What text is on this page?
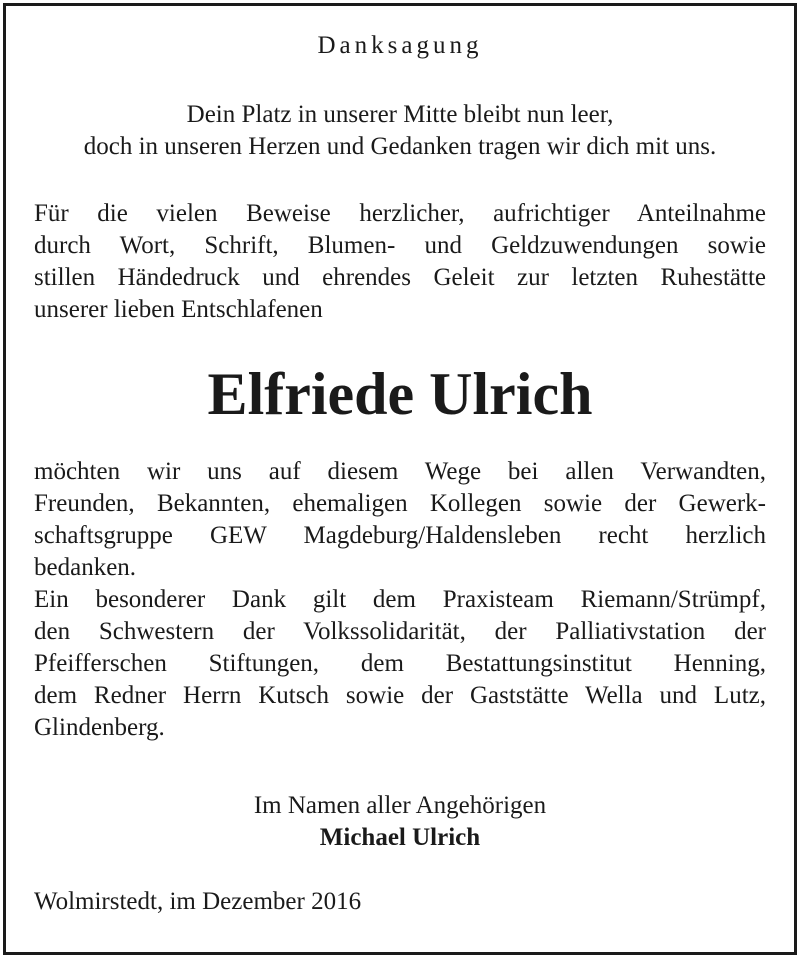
Danksagung
Dein Platz in unserer Mitte bleibt nun leer,
doch in unseren Herzen und Gedanken tragen wir dich mit uns.
Für die vielen Beweise herzlicher, aufrichtiger Anteilnahme
durch Wort, Schrift, Blumen- und Geldzuwendungen sowie
stillen Händedruck und ehrendes Geleit zur letzten Ruhestätte
unserer lieben Entschlafenen
Elfriede Ulrich
möchten wir uns auf diesem Wege bei allen Verwandten,
Freunden, Bekannten, ehemaligen Kollegen sowie der Gewerk-
schaftsgruppe GEW Magdeburg/Haldensleben recht herzlich
bedanken.
Ein besonderer Dank gilt dem Praxisteam Riemann/Strümpf,
den Schwestern der Volkssolidarität, der Palliativstation der
Pfeifferschen Stiftungen, dem Bestattungsinstitut Henning,
dem Redner Herrn Kutsch sowie der Gaststätte Wella und Lutz,
Glindenberg.
Im Namen aller Angehörigen
Michael Ulrich
Wolmirstedt, im Dezember 2016
